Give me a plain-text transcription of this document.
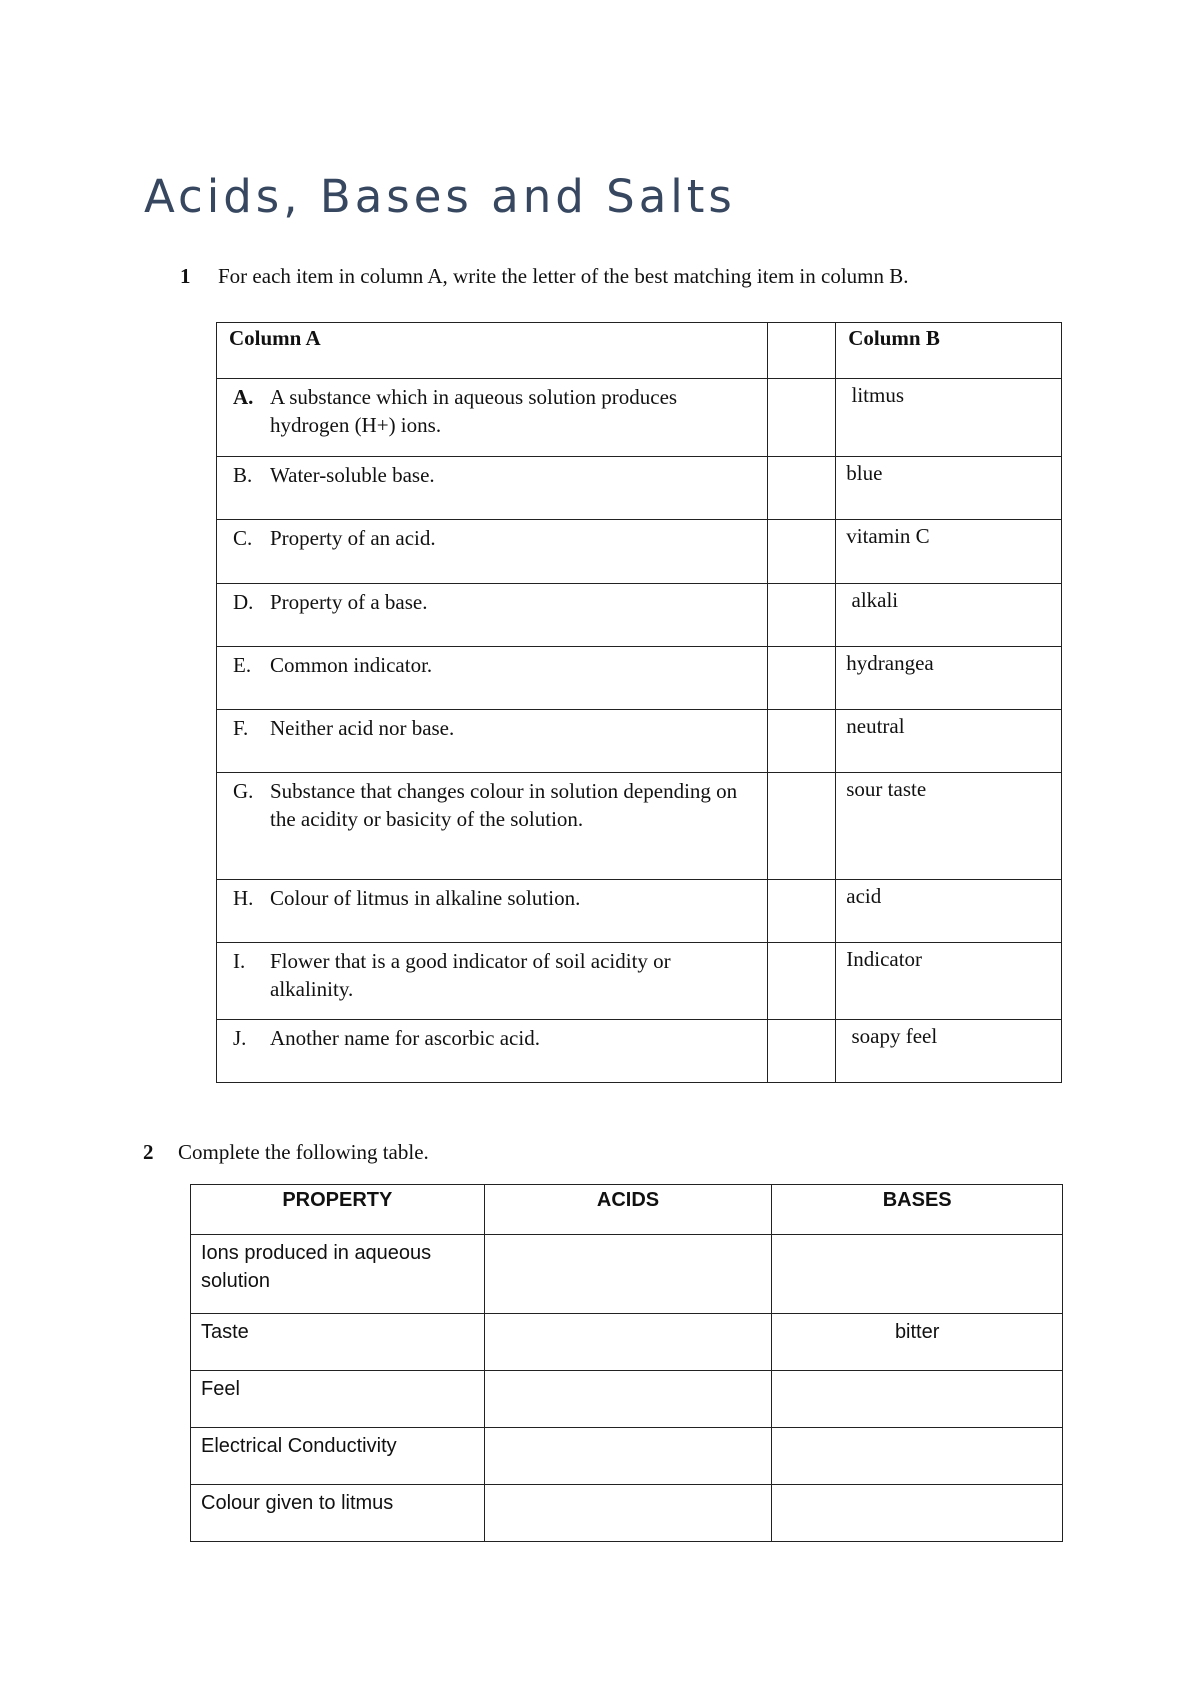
Acids, Bases and Salts
1 For each item in column A, write the letter of the best matching item in column B.
Column A		Column B

A. A substance which in aqueous solution produces hydrogen (H+) ions.		litmus

B. Water-soluble base.		blue

C. Property of an acid.		vitamin C

D. Property of a base.		alkali

E. Common indicator.		hydrangea

F. Neither acid nor base.		neutral

G. Substance that changes colour in solution depending on the acidity or basicity of the solution.		sour taste

H. Colour of litmus in alkaline solution.		acid

I. Flower that is a good indicator of soil acidity or alkalinity.		Indicator

J. Another name for ascorbic acid.		soapy feel
2 Complete the following table.
PROPERTY	ACIDS	BASES
Ions produced in aqueous solution		
Taste		bitter
Feel		
Electrical Conductivity		
Colour given to litmus		
